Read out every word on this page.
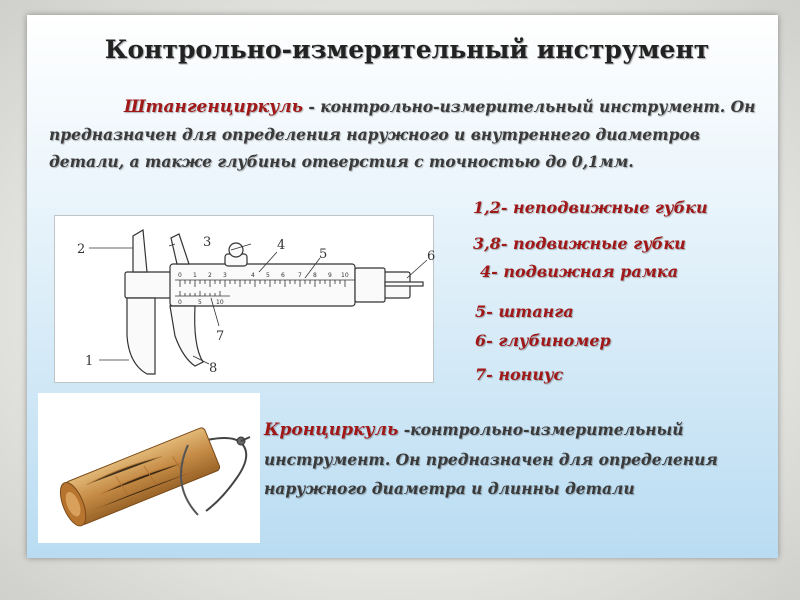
Контрольно-измерительный инструмент
Штангенциркуль - контрольно-измерительный инструмент. Он предназначен для определения наружного и внутреннего диаметров детали, а также глубины отверстия с точностью до 0,1мм.
1,2- неподвижные губки
3,8- подвижные губки
4- подвижная рамка
5- штанга
6- глубиномер
7- нониус
0 1 2 3	4 5 6 7 8 9 10
0	5 10
2	3	4
5	6
7
8
1
Кронциркуль -контрольно-измерительный инструмент. Он предназначен для определения наружного диаметра и длинны детали
